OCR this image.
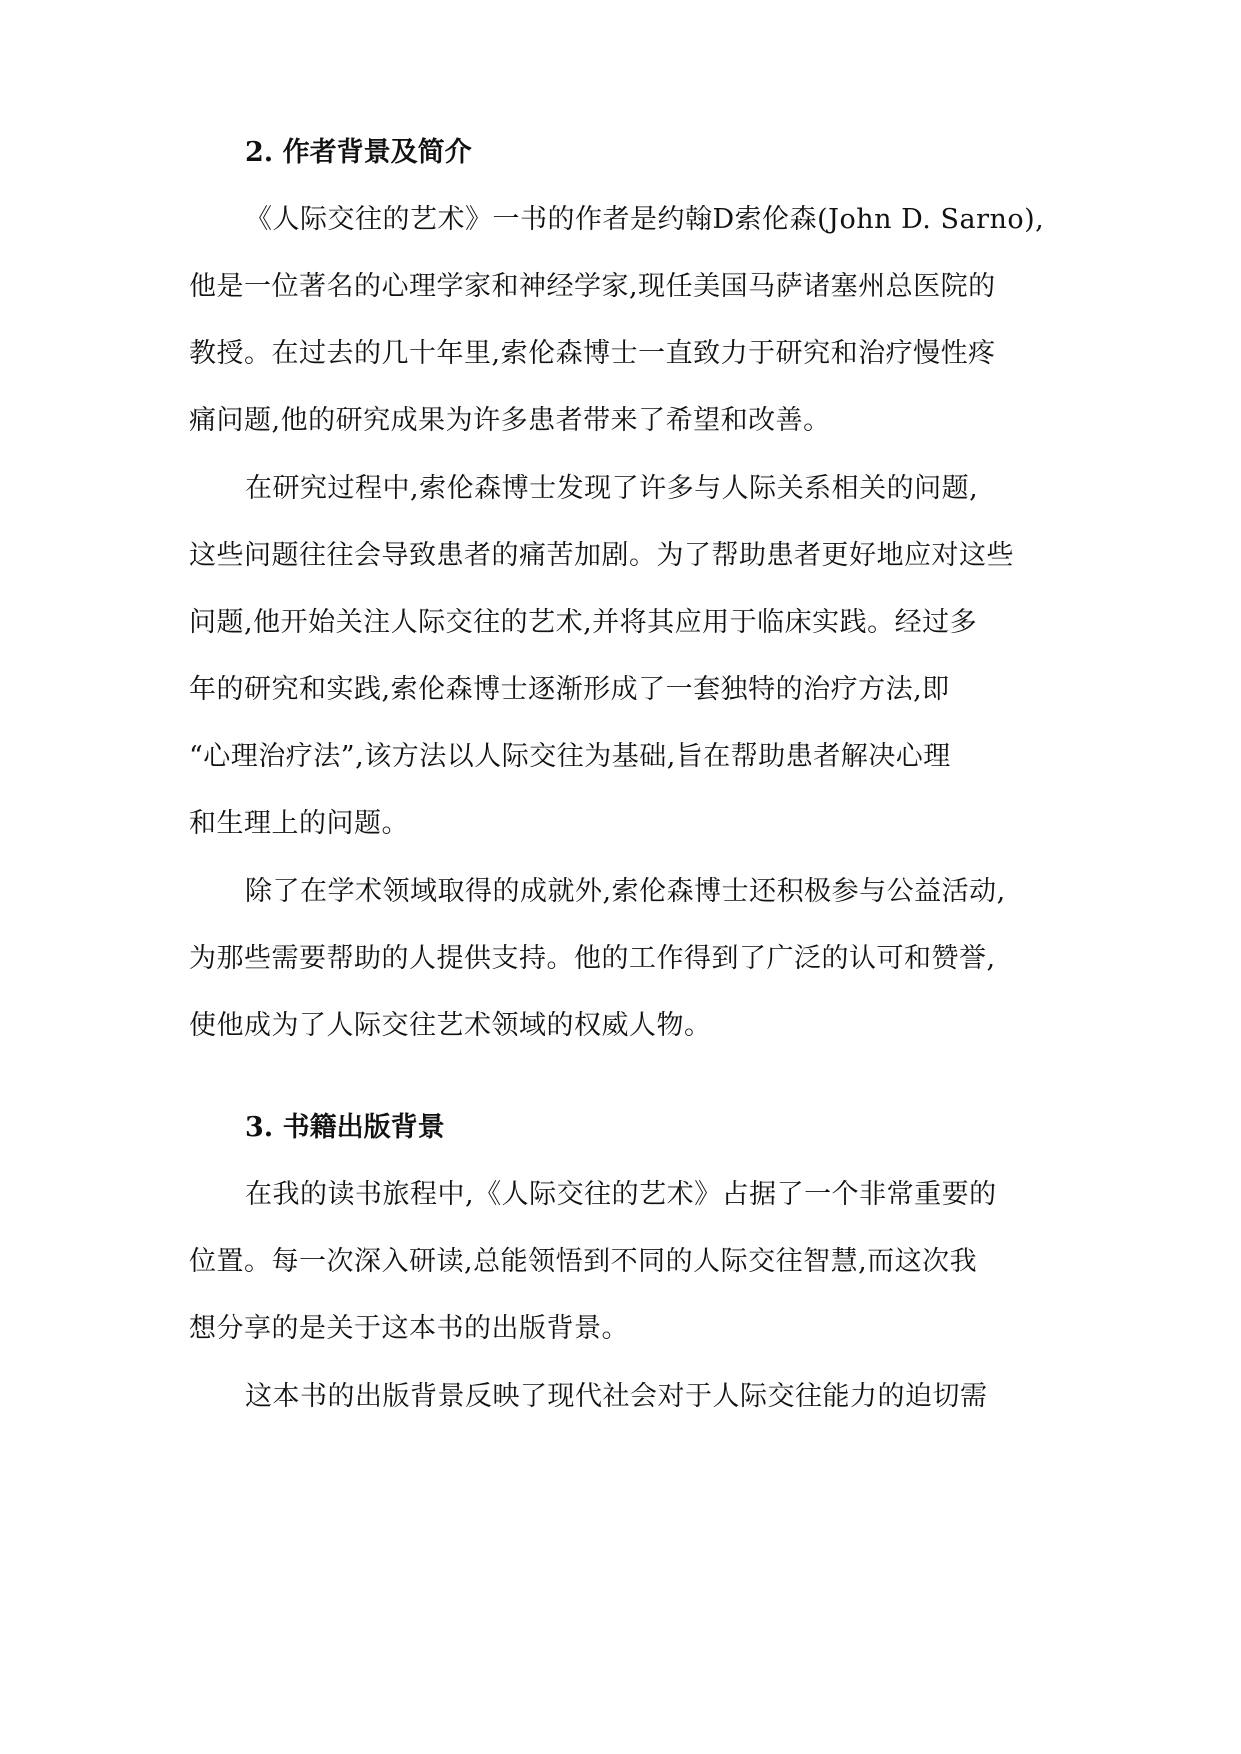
2. 作者背景及简介
《人际交往的艺术》一书的作者是约翰D索伦森(John D. Sarno),
他是一位著名的心理学家和神经学家,现任美国马萨诸塞州总医院的
教授。在过去的几十年里,索伦森博士一直致力于研究和治疗慢性疼
痛问题,他的研究成果为许多患者带来了希望和改善。
在研究过程中,索伦森博士发现了许多与人际关系相关的问题,
这些问题往往会导致患者的痛苦加剧。为了帮助患者更好地应对这些
问题,他开始关注人际交往的艺术,并将其应用于临床实践。经过多
年的研究和实践,索伦森博士逐渐形成了一套独特的治疗方法,即
“心理治疗法”,该方法以人际交往为基础,旨在帮助患者解决心理
和生理上的问题。
除了在学术领域取得的成就外,索伦森博士还积极参与公益活动,
为那些需要帮助的人提供支持。他的工作得到了广泛的认可和赞誉,
使他成为了人际交往艺术领域的权威人物。
3. 书籍出版背景
在我的读书旅程中,《人际交往的艺术》占据了一个非常重要的
位置。每一次深入研读,总能领悟到不同的人际交往智慧,而这次我
想分享的是关于这本书的出版背景。
这本书的出版背景反映了现代社会对于人际交往能力的迫切需
